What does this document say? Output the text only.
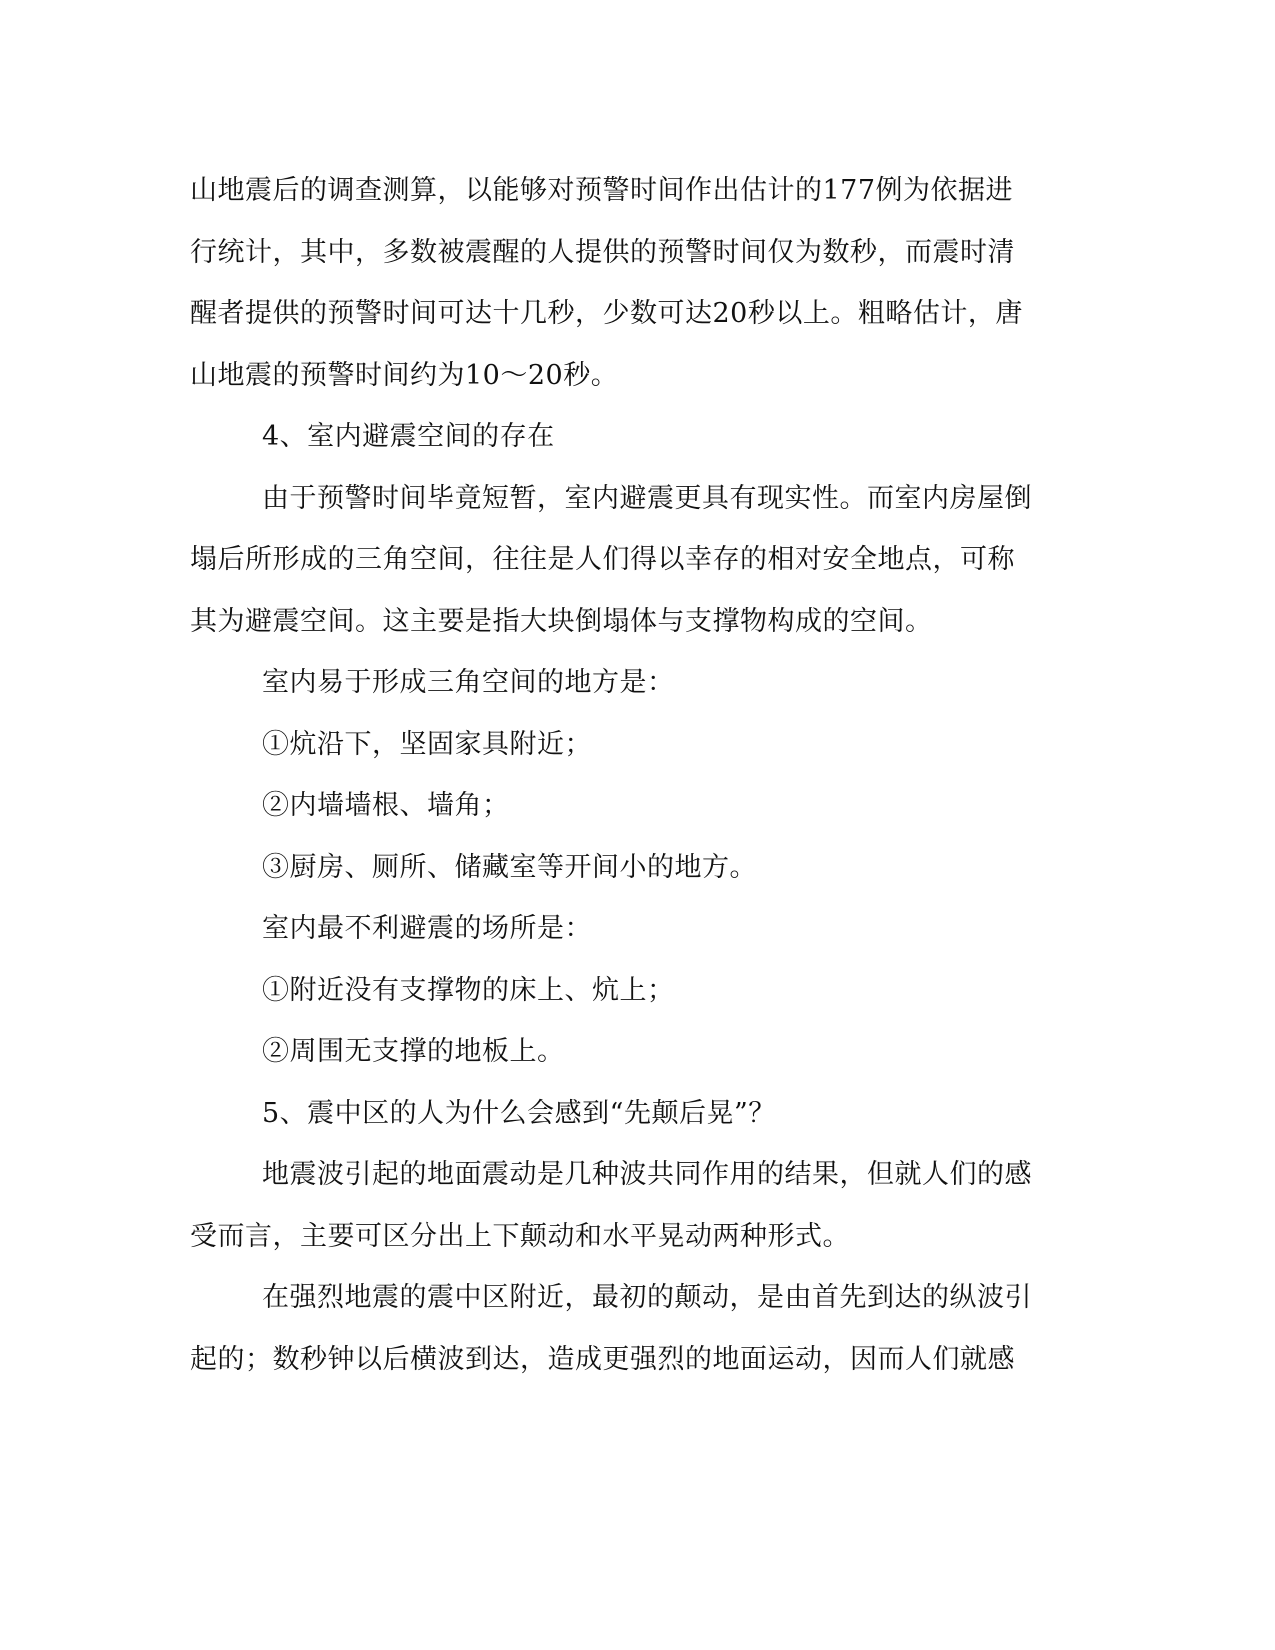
山地震后的调查测算，以能够对预警时间作出估计的177例为依据进
行统计，其中，多数被震醒的人提供的预警时间仅为数秒，而震时清
醒者提供的预警时间可达十几秒，少数可达20秒以上。粗略估计，唐
山地震的预警时间约为10～20秒。
4、室内避震空间的存在
由于预警时间毕竟短暂，室内避震更具有现实性。而室内房屋倒
塌后所形成的三角空间，往往是人们得以幸存的相对安全地点，可称
其为避震空间。这主要是指大块倒塌体与支撑物构成的空间。
室内易于形成三角空间的地方是：
①炕沿下，坚固家具附近；
②内墙墙根、墙角；
③厨房、厕所、储藏室等开间小的地方。
室内最不利避震的场所是：
①附近没有支撑物的床上、炕上；
②周围无支撑的地板上。
5、震中区的人为什么会感到“先颠后晃”？
地震波引起的地面震动是几种波共同作用的结果，但就人们的感
受而言，主要可区分出上下颠动和水平晃动两种形式。
在强烈地震的震中区附近，最初的颠动，是由首先到达的纵波引
起的；数秒钟以后横波到达，造成更强烈的地面运动，因而人们就感
